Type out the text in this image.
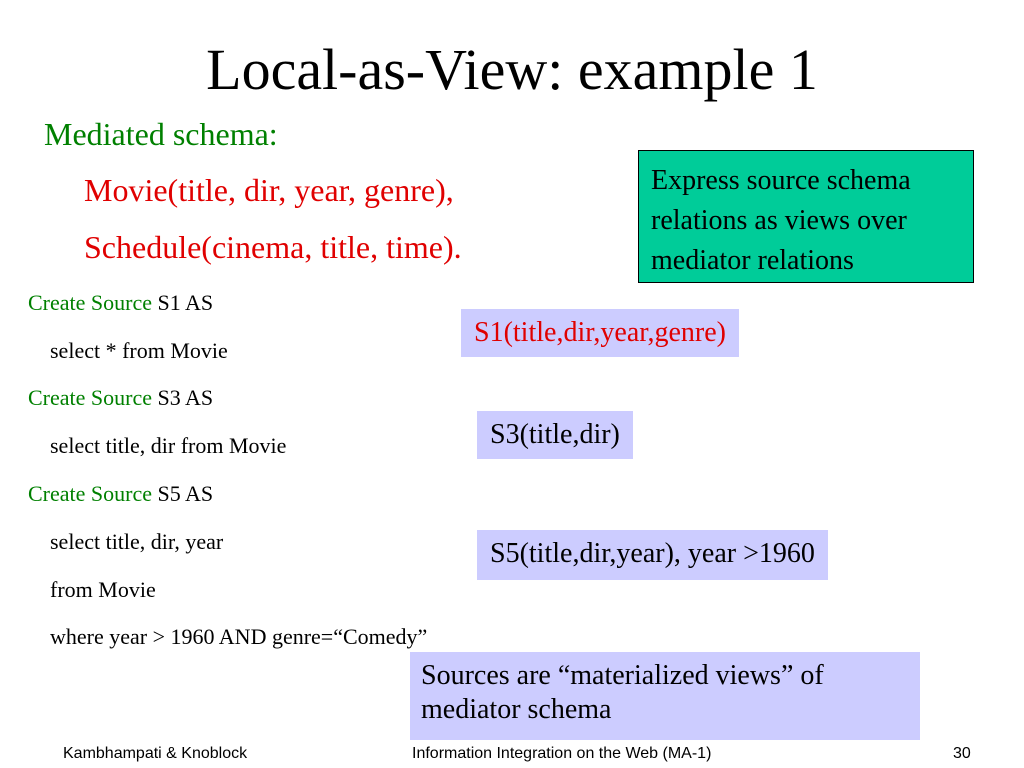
Local-as-View: example 1
Mediated schema:
Movie(title, dir, year, genre),
Schedule(cinema, title, time).
Create Source S1 AS
select * from Movie
Create Source S3 AS
select title, dir from Movie
Create Source S5 AS
select title, dir, year
from Movie
where year > 1960 AND genre=“Comedy”
Express source schema relations as views over mediator relations
S1(title,dir,year,genre)
S3(title,dir)
S5(title,dir,year), year >1960
Sources are “materialized views” of mediator schema
Kambhampati & Knoblock	Information Integration on the Web (MA-1)	30
